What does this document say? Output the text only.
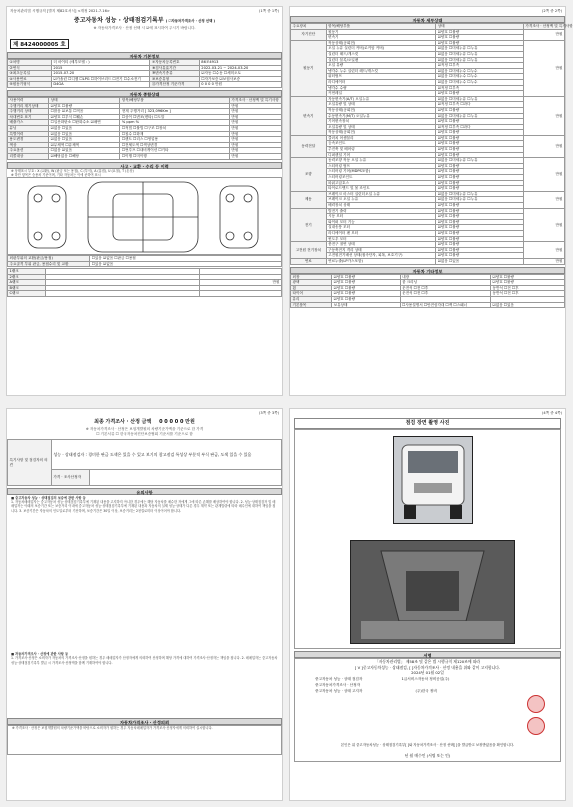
자동차관리법 시행규칙 [별지 제82호서식] <개정 2021.7.16>	(1쪽 중 1쪽)
중고자동차 성능 · 상태점검기록부 ( ☑자동차가격조사 · 산정 선택 )
※ 자동차가격조사 · 산정 선택 시 ☑에 표시하여 주시기 바랍니다.
제 8424000005 호
자동차 기본정보
①차명	더 마이티 (세부모델 : )	⑦자동차등록번호	86조4913
②연식	2015	⑧검사유효기간	2022-03-21 ~ 2024-03-20
③최초등록일	2015-07-20	⑨변속기종류	☑자동 ☐수동 ☐세미오토
④사용연료	☑가솔린 ☐디젤 ☐LPG ☐하이브리드 ☐전기 ☐수소전기	⑩보증유형	☐자가보증 ☑보험사보증
⑤원동기형식	D4GA	⑪가격산정 기준가격	0 0 0 0 만원
자동차 종합상태
사용이력	상태	항목/해당부품	가격조사 · 산정액 및 특기사항
주행거리 계기상태	☑양호 ☐불량		만원
주행거리 상태	☐많음 ☑보통 ☐적음	현재 주행거리 [ 323,096Km ]	만원
차대번호 표기	☑양호 ☐부식 ☐훼손	☐상이 ☐변조(변타) ☐도말	만원
배출가스	☐일산화탄소 ☐탄화수소 ☑매연	% ppm %	만원
튜닝	☑없음 ☐있음	☐적법 ☐불법 ☐구조 ☐장치	만원
특별이력	☑없음 ☐있음	☐침수 ☐화재	만원
용도변경	☑없음 ☐있음	☐렌트 ☐리스 ☐영업용	만원
색상	☑무채색 ☐유채색	☐전체도색 ☐색상변경	만원
주요옵션	☐없음 ☑있음	☐썬루프 ☐내비게이션 ☐기타	만원
리콜대상	☑해당없음 ☐해당	☐이행 ☐미이행	만원
사고 · 교환 · 수리 등 이력
※ 상태표시 부호 : X (교환), W (판금 또는 용접), C (부식), A (흠집), U (요철), T (손상)
※ 하단 항목은 승용차 기준이며, 기타 자동차는 이에 준하여 표시
외판부위의 교환(판금/용접)	☐있음 ☑없음 ☐판금 ☐용접
주요골격 부위 판금, 용접수리 및 교환	☐있음 ☑없음
1랭크		
2랭크		
A랭크		만원
B랭크		
C랭크		
(2쪽 중 2쪽)
자동차 세부상태
주요장치	항목/해당부품	상태	가격조사 · 산정액 및 특기사항
자기진단	원동기	☑양호 ☐불량	만원
	변속기	☑양호 ☐불량	
원동기	작동상태(공회전)	☑양호 ☐불량	만원
	오일 누유 실린더 커버(로커암 커버)	☑없음 ☐미세누유 ☐누유	
	실린더 헤드/개스킷	☑없음 ☐미세누유 ☐누유	
	실린더 블록/오일팬	☑없음 ☐미세누유 ☐누유	
	오일 유량	☑적정 ☐부족	
	냉각수 누수 실린더 헤드/개스킷	☑없음 ☐미세누수 ☐누수	
	워터펌프	☑없음 ☐미세누수 ☐누수	
	라디에이터	☑없음 ☐미세누수 ☐누수	
	냉각수 수량	☑적정 ☐부족	
	커먼레일	☑양호 ☐불량	
변속기	자동변속기(A/T) 오일누유	☑없음 ☐미세누유 ☐누유	만원
	오일유량 및 상태	☑적정 ☐부족 ☐과다	
	작동상태(공회전)	☑양호 ☐불량	
	수동변속기(M/T) 오일누유	☑없음 ☐미세누유 ☐누유	
	기어변속장치	☑양호 ☐불량	
	오일유량 및 상태	☑적정 ☐부족 ☐과다	
	작동상태(공회전)	☑양호 ☐불량	
동력전달	클러치 어셈블리	☑양호 ☐불량	만원
	등속조인트	☑양호 ☐불량	
	추진축 및 베어링	☑양호 ☐불량	
	디퍼렌셜 기어	☑양호 ☐불량	
조향	동력조향 작동 오일 누유	☑없음 ☐미세누유 ☐누유	만원
	스티어링 펌프	☑양호 ☐불량	
	스티어링 기어(MDPS포함)	☑양호 ☐불량	
	스티어링조인트	☑양호 ☐불량	
	파워고압호스	☑양호 ☐불량	
	타이로드엔드 및 볼 조인트	☑양호 ☐불량	
제동	브레이크 마스터 실린더오일 누유	☑없음 ☐미세누유 ☐누유	만원
	브레이크 오일 누유	☑없음 ☐미세누유 ☐누유	
	배력장치 상태	☑양호 ☐불량	
전기	발전기 출력	☑양호 ☐불량	만원
	시동 모터	☑양호 ☐불량	
	와이퍼 모터 기능	☑양호 ☐불량	
	실내송풍 모터	☑양호 ☐불량	
	라디에이터 팬 모터	☑양호 ☐불량	
	윈도우 모터	☑양호 ☐불량	
고전원 전기장치	충전구 절연 상태	☑양호 ☐불량	만원
	구동축전지 격리 상태	☑양호 ☐불량	
	고전원전기배선 상태(접속단자, 피복, 보호기구)	☑양호 ☐불량	
연료	연료누출(LP가스포함)	☑없음 ☐있음	만원
자동차 기타정보
외장	☑양호 ☐불량	내장	☑양호 ☐불량
광택	☑양호 ☐불량	룸 크리닝	☑양호 ☐불량
휠	☑양호 ☐불량	운전석 ☐전 ☐후	동반석 ☐전 ☐후
타이어	☑양호 ☐불량	운전석 ☐전 ☐후	동반석 ☐전 ☐후
유리	☑양호 ☐불량		
기본품목	보유상태	☐사용설명서 ☐안전삼각대 ☐잭 ☐스패너	☑없음 ☐있음
(3쪽 중 3쪽)
최종 가격조사 · 산정 금액 0 0 0 0 0 만원
※ 자동차가격조사 · 산정은 보험개발원의 차량기준가액을 기준으로 한 가격
☐ 기본서류 ☐ 한국자동차진단보증협회 기준서를 기준으로 함
특기사항 및 점검자의 의견	성능 · 상태점검자 : 경미한 판금 도색은 있을 수 있고 보기의 참고점검 특성상 부분적 부식 판금, 도색 있을 수 있음	
	가격 · 조사산정자	
유의사항
■ 중고자동차 성능 · 상태점검의 보증에 관한 사항 등
1. 자동차매매업자는 중고자동차 성능·상태점검기록부에 기재된 내용을 고지하지 아니한 경우에는 해당 자동차를 매수한 자에게 그에 따른 손해를 배상하여야 합니다. 2. 성능·상태점검자 및 매매업자는 아래의 보증기간 또는 보증거리 이내에 중고자동차 성능·상태점검기록부에 기재된 내용과 자동차의 실제 성능·상태가 다른 경우 계약 또는 관계법령에 따라 매수인에 대하여 책임을 집니다. 3. 보증기간은 자동차의 인도일로부터 기산하며, 보증기간은 30일 이상, 보증거리는 2천킬로미터 이상이어야 합니다.
■ 자동차가격조사 · 산정에 관한 사항 등
1. 가격조사·산정은 소비자가 자동차의 가격조사·산정을 원하는 경우 매매업자가 산정자에게 의뢰하여 산정하며 해당 가격에 대하여 가격조사·산정자는 책임을 집니다. 2. 매매업자는 중고자동차 성능·상태점검기록부 발급 시 가격조사·산정액을 함께 기재하여야 합니다.
자동차가격조사 · 산정의뢰
※ 가격조사 · 산정은 보험개발원의 차량기준가액을 바탕으로 소비자가 원하는 경우 자동차매매업자가 가격조사·산정자에게 의뢰하여 실시합니다.
(4쪽 중 4쪽)
점검 장면 촬영 사진
서명
「자동차관리법」 제58조 및 같은 법 시행규칙 제120조에 따라
[ V ]중고자동차성능 · 상태점검, [ ]자동차가격조사 · 산정 내용을 위와 같이 고지합니다.
2024년 01월 02일
중고자동차 성능 · 상태 점검자	1급서비스자동차 정비공업(주)
중고자동차가격조사 · 산정자
중고자동차 성능 · 상태 고지자	(주)한국 정비
본인은 위 중고자동차성능 · 상태점검기록부[ ]와 자동차가격조사 · 산정 선택[ ]을 발급받고 보장받았음을 확인합니다.
년 월 매수인 (서명 또는 인)
